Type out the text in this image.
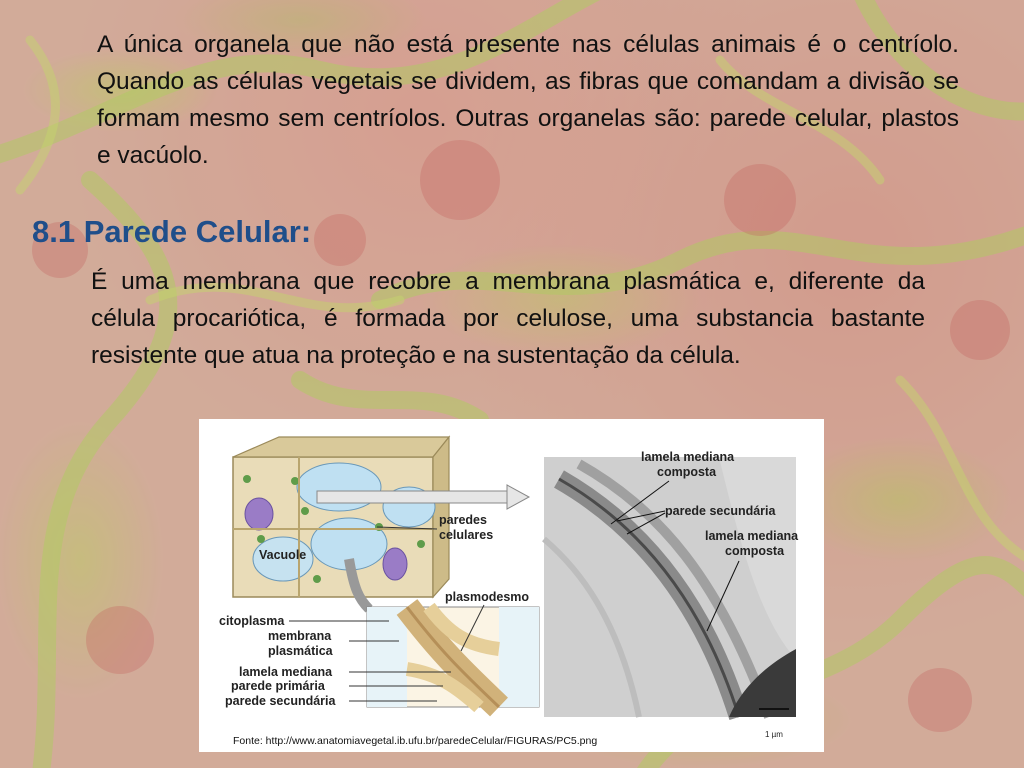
A única organela que não está presente nas células animais é o centríolo. Quando as células vegetais se dividem, as fibras que comandam a divisão se formam mesmo sem centríolos. Outras organelas são: parede celular, plastos e vacúolo.

8.1 Parede Celular:

É uma membrana que recobre a membrana plasmática e, diferente da célula procariótica, é formada por celulose, uma substancia bastante resistente que atua na proteção e na sustentação da célula.

Vacuole
paredes
celulares
plasmodesmo
citoplasma
membrana
plasmática
lamela mediana
parede primária
parede secundária
1 µm
lamela mediana
composta
parede secundária
lamela mediana
composta
Fonte: http://www.anatomiavegetal.ib.ufu.br/paredeCelular/FIGURAS/PC5.png
